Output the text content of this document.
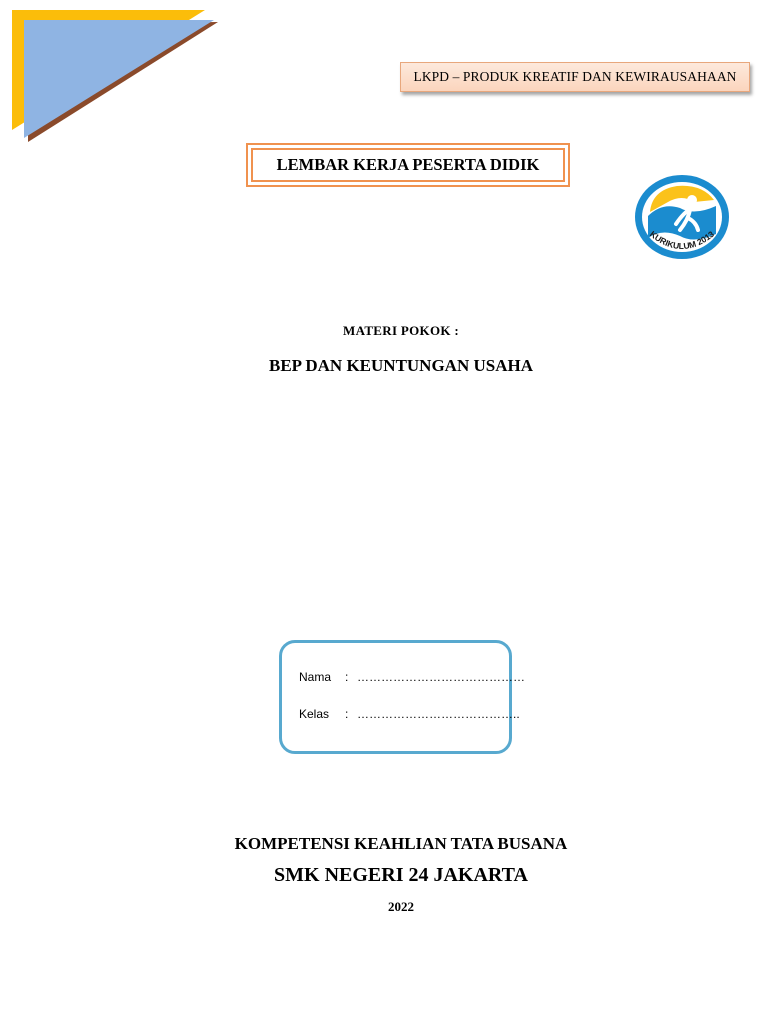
LKPD – PRODUK KREATIF DAN KEWIRAUSAHAAN
LEMBAR KERJA PESERTA DIDIK
KURIKULUM 2013
MATERI POKOK :
BEP DAN KEUNTUNGAN USAHA
Nama	: ……………………………………
Kelas	: …………………………………..
KOMPETENSI KEAHLIAN TATA BUSANA
SMK NEGERI 24 JAKARTA
2022
